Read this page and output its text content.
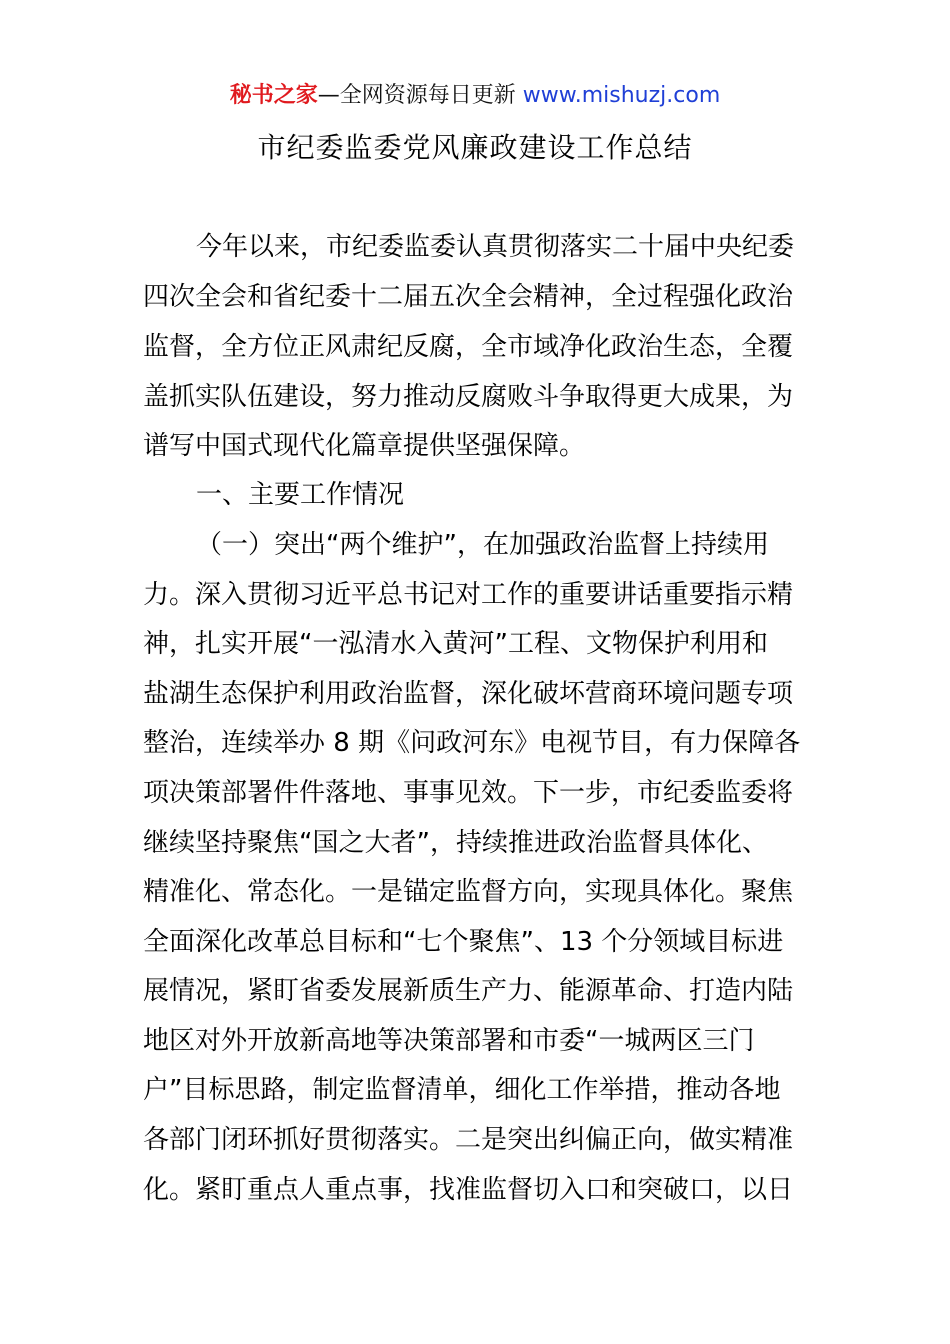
秘书之家—全网资源每日更新 www.mishuzj.com
市纪委监委党风廉政建设工作总结
今年以来，市纪委监委认真贯彻落实二十届中央纪委
四次全会和省纪委十二届五次全会精神，全过程强化政治
监督，全方位正风肃纪反腐，全市域净化政治生态，全覆
盖抓实队伍建设，努力推动反腐败斗争取得更大成果，为
谱写中国式现代化篇章提供坚强保障。
一、主要工作情况
（一）突出“两个维护”，在加强政治监督上持续用
力。深入贯彻习近平总书记对工作的重要讲话重要指示精
神，扎实开展“一泓清水入黄河”工程、文物保护利用和
盐湖生态保护利用政治监督，深化破坏营商环境问题专项
整治，连续举办 8 期《问政河东》电视节目，有力保障各
项决策部署件件落地、事事见效。下一步，市纪委监委将
继续坚持聚焦“国之大者”，持续推进政治监督具体化、
精准化、常态化。一是锚定监督方向，实现具体化。聚焦
全面深化改革总目标和“七个聚焦”、13 个分领域目标进
展情况，紧盯省委发展新质生产力、能源革命、打造内陆
地区对外开放新高地等决策部署和市委“一城两区三门
户”目标思路，制定监督清单，细化工作举措，推动各地
各部门闭环抓好贯彻落实。二是突出纠偏正向，做实精准
化。紧盯重点人重点事，找准监督切入口和突破口，以日
